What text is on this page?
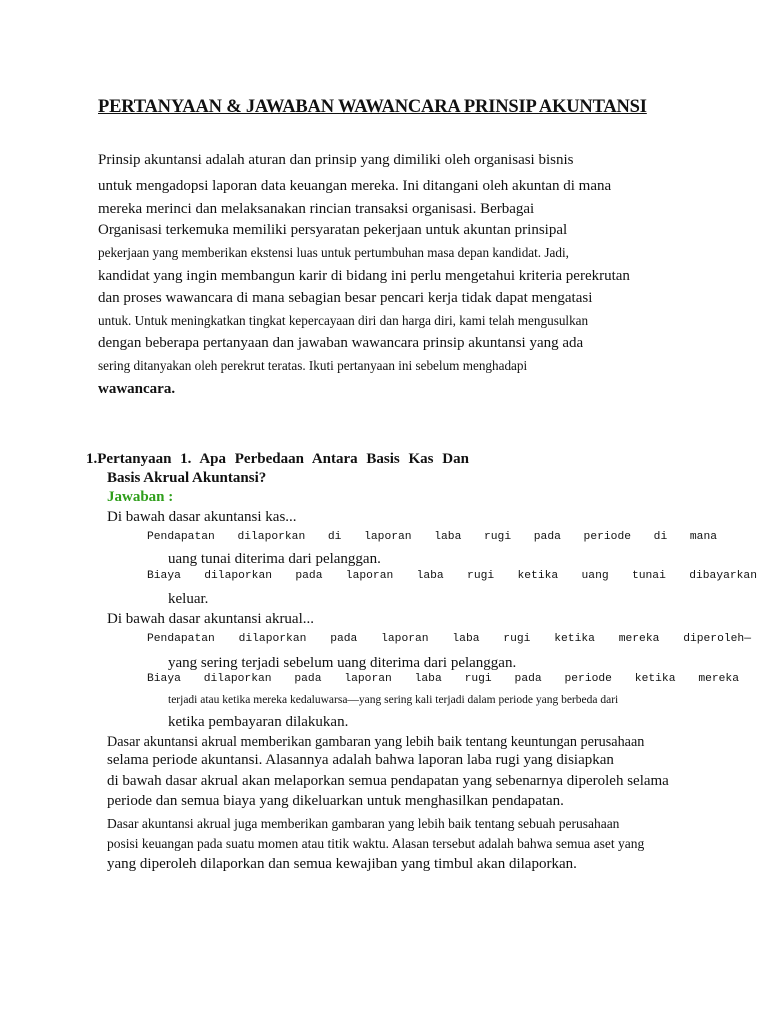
PERTANYAAN & JAWABAN WAWANCARA PRINSIP AKUNTANSI
Prinsip akuntansi adalah aturan dan prinsip yang dimiliki oleh organisasi bisnis
untuk mengadopsi laporan data keuangan mereka. Ini ditangani oleh akuntan di mana
mereka merinci dan melaksanakan rincian transaksi organisasi. Berbagai
Organisasi terkemuka memiliki persyaratan pekerjaan untuk akuntan prinsipal
pekerjaan yang memberikan ekstensi luas untuk pertumbuhan masa depan kandidat. Jadi,
kandidat yang ingin membangun karir di bidang ini perlu mengetahui kriteria perekrutan
dan proses wawancara di mana sebagian besar pencari kerja tidak dapat mengatasi
untuk. Untuk meningkatkan tingkat kepercayaan diri dan harga diri, kami telah mengusulkan
dengan beberapa pertanyaan dan jawaban wawancara prinsip akuntansi yang ada
sering ditanyakan oleh perekrut teratas. Ikuti pertanyaan ini sebelum menghadapi
wawancara.
1.Pertanyaan 1. Apa Perbedaan Antara Basis Kas Dan
Basis Akrual Akuntansi?
Jawaban :
Di bawah dasar akuntansi kas...
Pendapatan dilaporkan di laporan laba rugi pada periode di mana
uang tunai diterima dari pelanggan.
Biaya dilaporkan pada laporan laba rugi ketika uang tunai dibayarkan
keluar.
Di bawah dasar akuntansi akrual...
Pendapatan dilaporkan pada laporan laba rugi ketika mereka diperoleh—
yang sering terjadi sebelum uang diterima dari pelanggan.
Biaya dilaporkan pada laporan laba rugi pada periode ketika mereka
terjadi atau ketika mereka kedaluwarsa—yang sering kali terjadi dalam periode yang berbeda dari
ketika pembayaran dilakukan.
Dasar akuntansi akrual memberikan gambaran yang lebih baik tentang keuntungan perusahaan
selama periode akuntansi. Alasannya adalah bahwa laporan laba rugi yang disiapkan
di bawah dasar akrual akan melaporkan semua pendapatan yang sebenarnya diperoleh selama
periode dan semua biaya yang dikeluarkan untuk menghasilkan pendapatan.
Dasar akuntansi akrual juga memberikan gambaran yang lebih baik tentang sebuah perusahaan
posisi keuangan pada suatu momen atau titik waktu. Alasan tersebut adalah bahwa semua aset yang
yang diperoleh dilaporkan dan semua kewajiban yang timbul akan dilaporkan.
